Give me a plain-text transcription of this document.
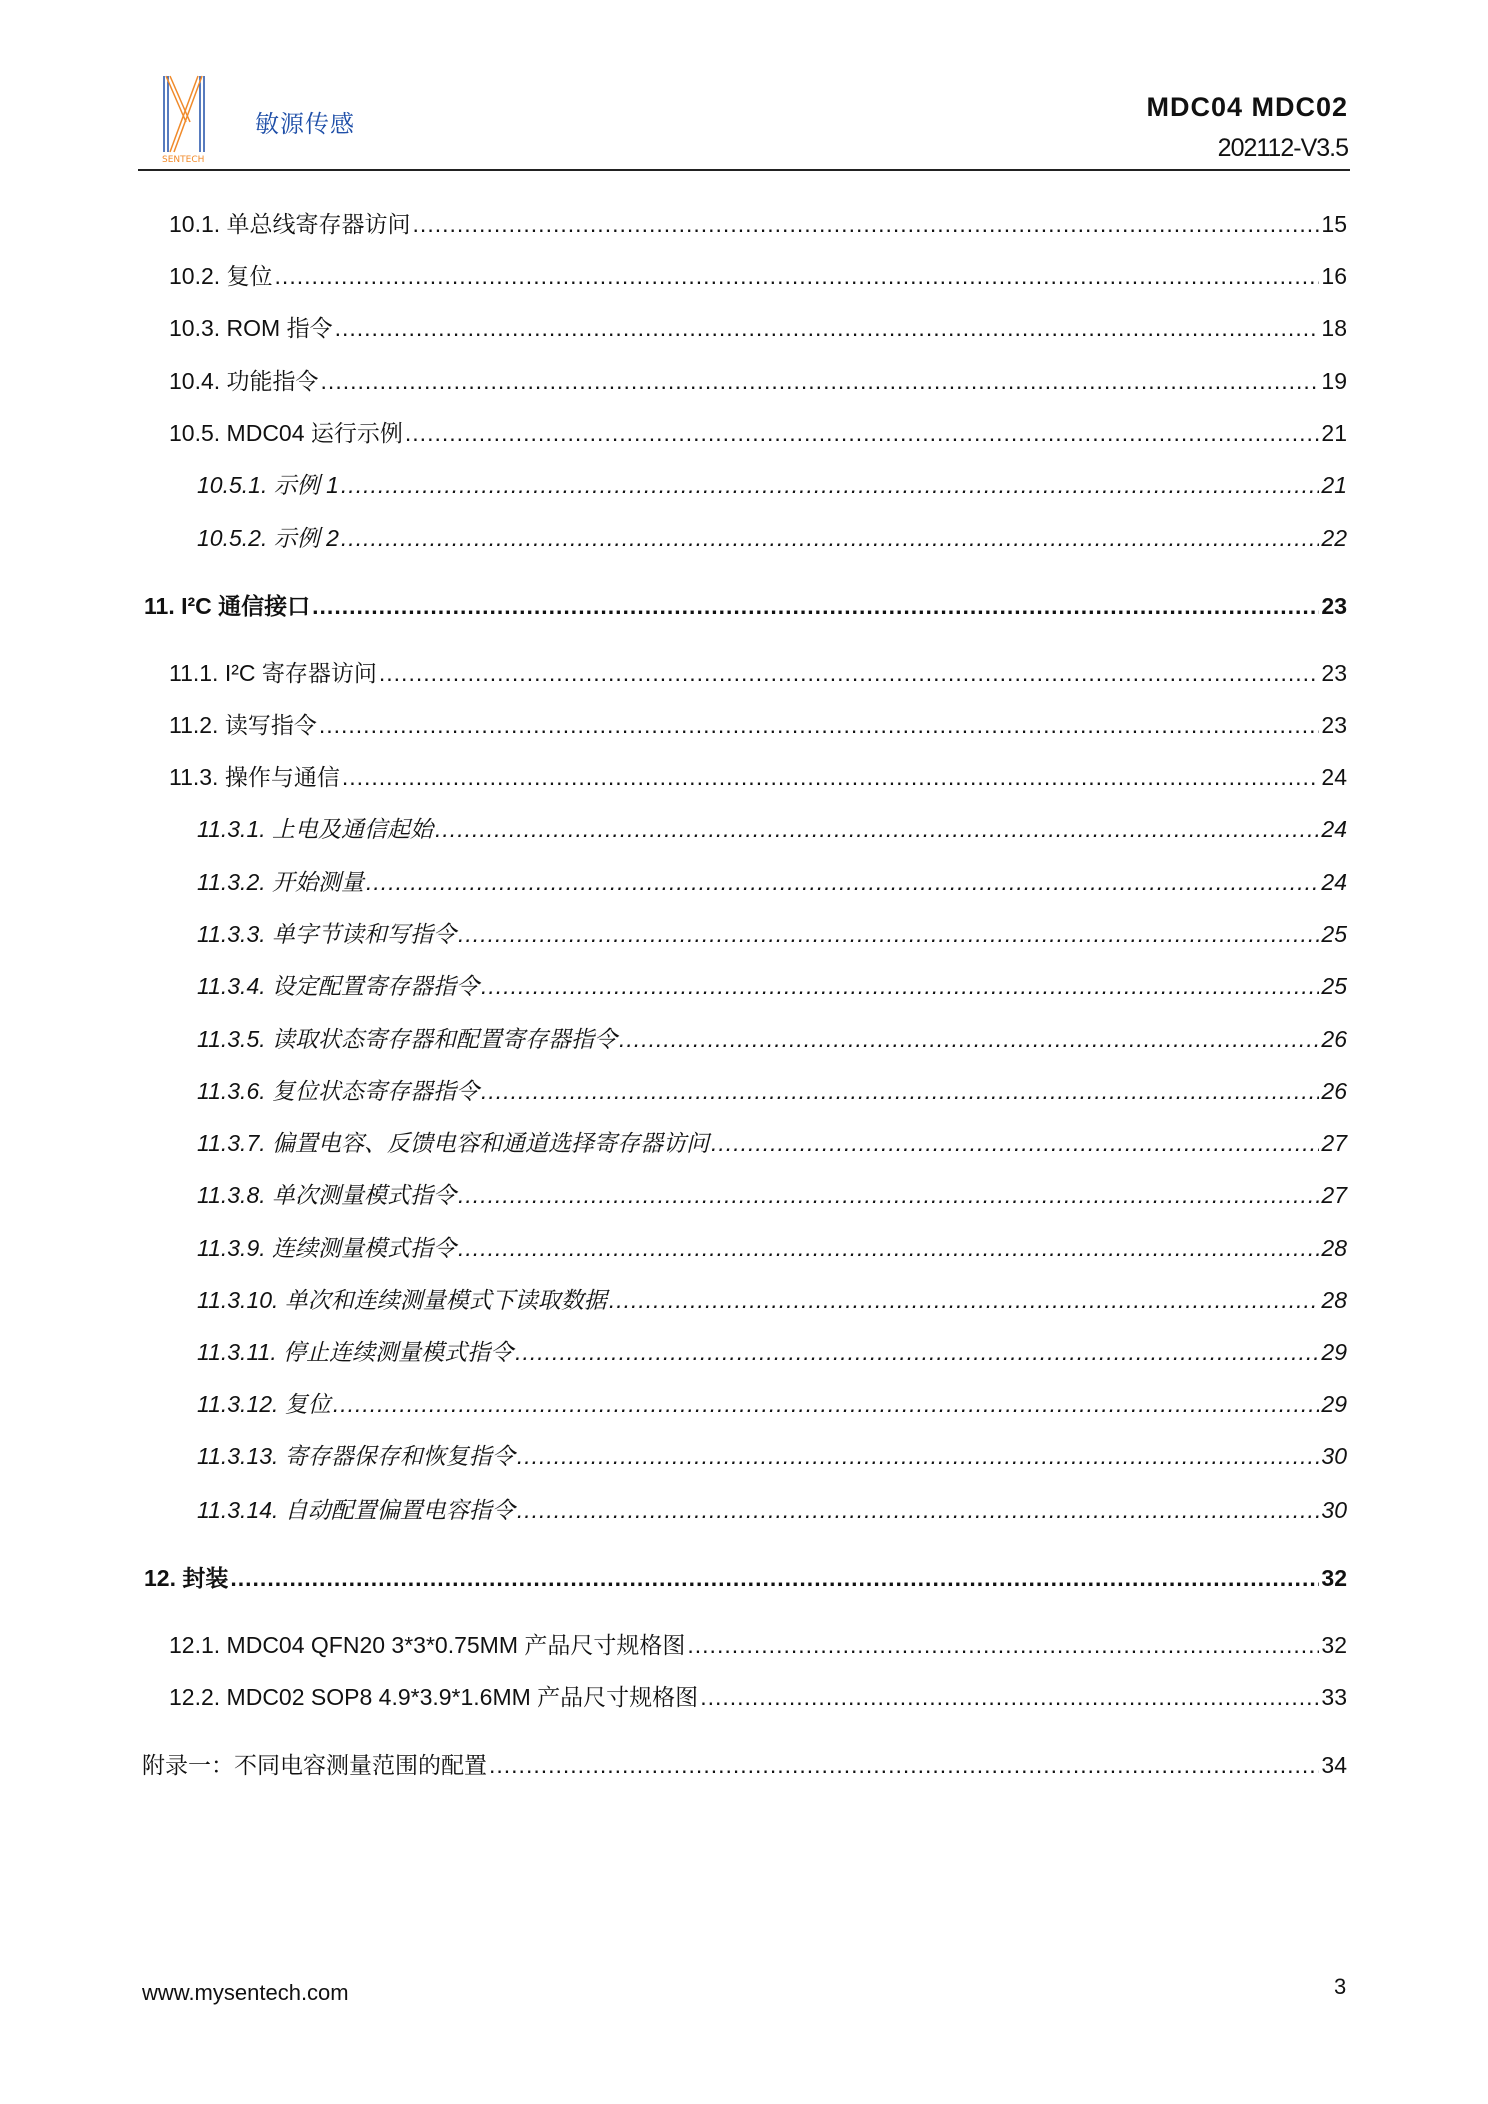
SENTECH
敏源传感
MDC04 MDC02
202112-V3.5
10.1. 单总线寄存器访问 .....	15
10.2. 复位 .....	16
10.3. ROM 指令 .....	18
10.4. 功能指令 .....	19
10.5. MDC04 运行示例 .....	21
10.5.1. 示例 1 .....	21
10.5.2. 示例 2 .....	22
11. I²C 通信接口 .....	23
11.1. I²C 寄存器访问 .....	23
11.2. 读写指令 .....	23
11.3. 操作与通信 .....	24
11.3.1. 上电及通信起始 .....	24
11.3.2. 开始测量 .....	24
11.3.3. 单字节读和写指令 .....	25
11.3.4. 设定配置寄存器指令 .....	25
11.3.5. 读取状态寄存器和配置寄存器指令 .....	26
11.3.6. 复位状态寄存器指令 .....	26
11.3.7. 偏置电容、反馈电容和通道选择寄存器访问 .....	27
11.3.8. 单次测量模式指令 .....	27
11.3.9. 连续测量模式指令 .....	28
11.3.10. 单次和连续测量模式下读取数据 .....	28
11.3.11. 停止连续测量模式指令 .....	29
11.3.12. 复位 .....	29
11.3.13. 寄存器保存和恢复指令 .....	30
11.3.14. 自动配置偏置电容指令 .....	30
12. 封装 .....	32
12.1. MDC04 QFN20 3*3*0.75MM 产品尺寸规格图 .....	32
12.2. MDC02 SOP8 4.9*3.9*1.6MM 产品尺寸规格图 .....	33
附录一：不同电容测量范围的配置 .....	34
www.mysentech.com	3
